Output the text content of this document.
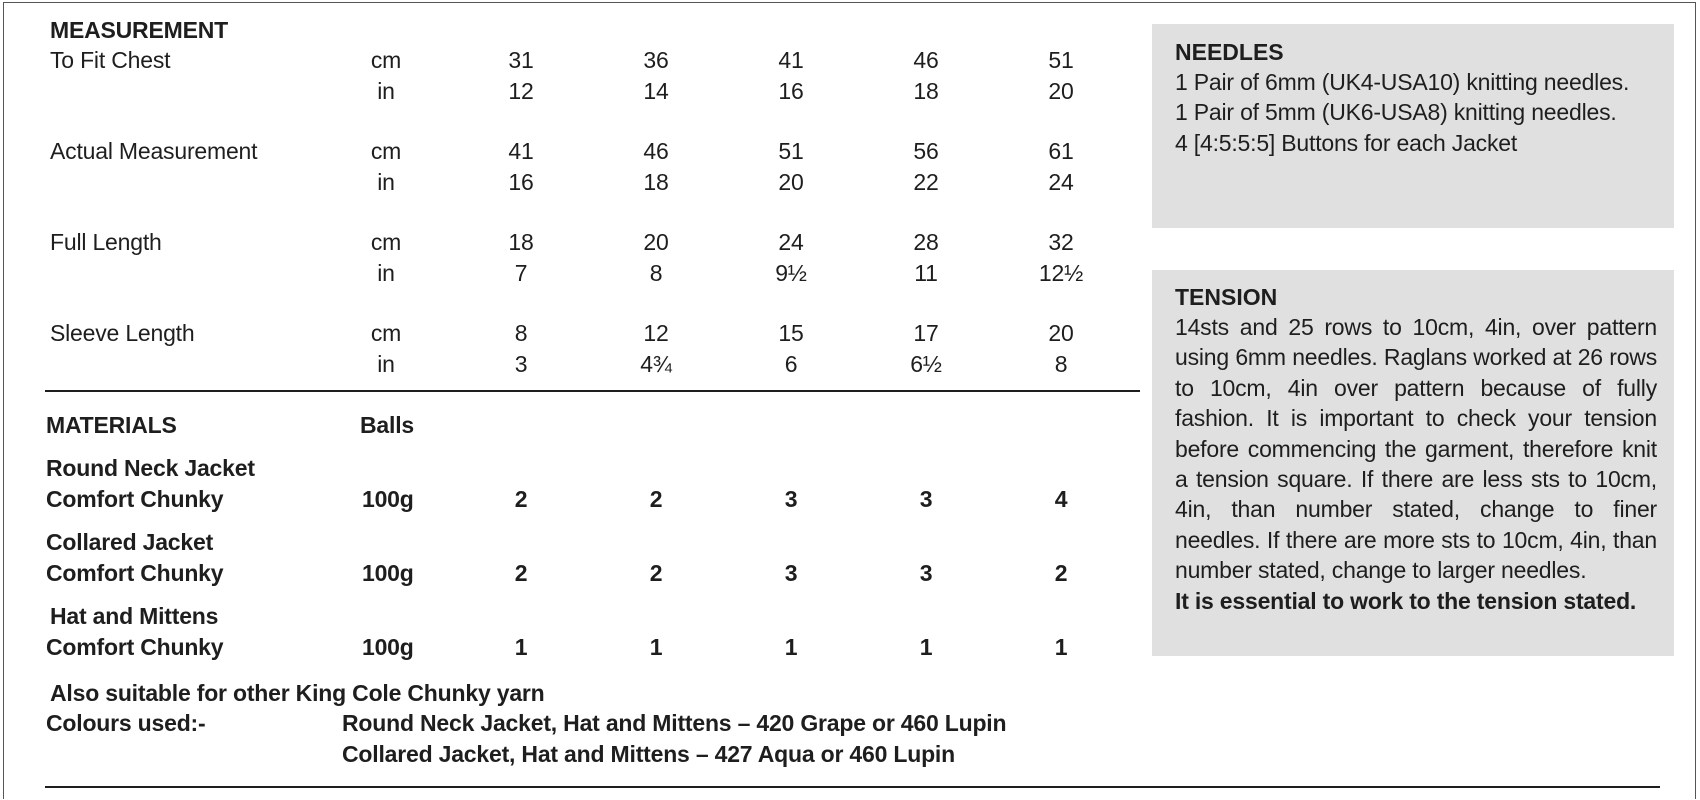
MEASUREMENT
To Fit Chest	cm	31	36	41	46	51
in	12	14	16	18	20
Actual Measurement	cm	41	46	51	56	61
in	16	18	20	22	24
Full Length	cm	18	20	24	28	32
in	7	8	9½	11	12½
Sleeve Length	cm	8	12	15	17	20
in	3	4¾	6	6½	8
MATERIALS	Balls
Round Neck Jacket
Comfort Chunky	100g	2	2	3	3	4
Collared Jacket
Comfort Chunky	100g	2	2	3	3	2
Hat and Mittens
Comfort Chunky	100g	1	1	1	1	1
Also suitable for other King Cole Chunky yarn
Colours used:-	Round Neck Jacket, Hat and Mittens – 420 Grape or 460 Lupin
Collared Jacket, Hat and Mittens – 427 Aqua or 460 Lupin
NEEDLES
1 Pair of 6mm (UK4-USA10) knitting needles.
1 Pair of 5mm (UK6-USA8) knitting needles.
4 [4:5:5:5] Buttons for each Jacket
TENSION
14sts and 25 rows to 10cm, 4in, over pattern using 6mm needles. Raglans worked at 26 rows to 10cm, 4in over pattern because of fully fashion. It is important to check your tension before commencing the garment, therefore knit a tension square. If there are less sts to 10cm, 4in, than number stated, change to finer needles. If there are more sts to 10cm, 4in, than number stated, change to larger needles.
It is essential to work to the tension stated.
